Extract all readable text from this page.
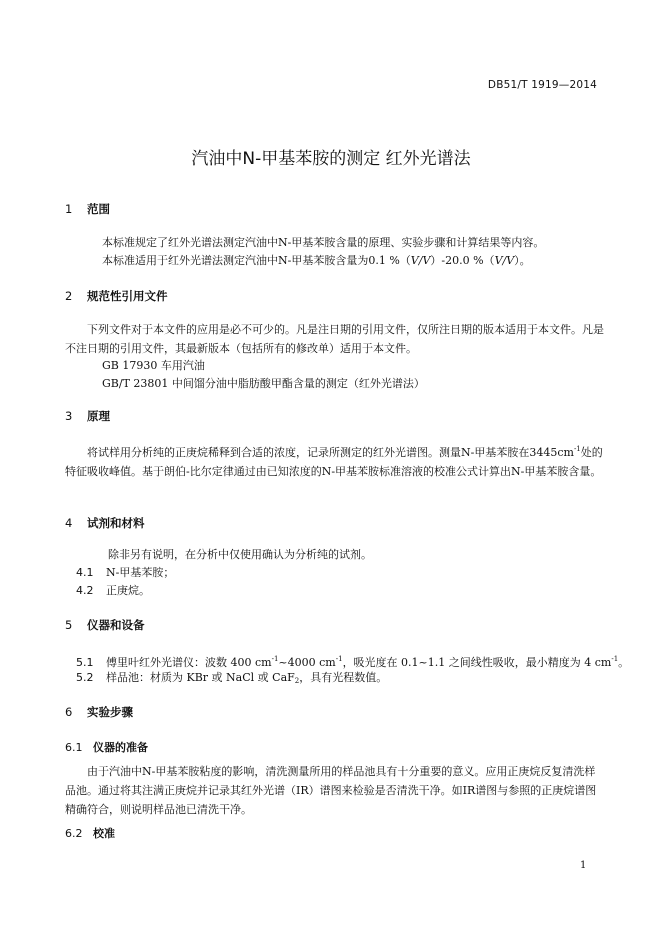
DB51/T 1919—2014
汽油中N-甲基苯胺的测定 红外光谱法
1 范围
本标准规定了红外光谱法测定汽油中N-甲基苯胺含量的原理、实验步骤和计算结果等内容。
本标准适用于红外光谱法测定汽油中N-甲基苯胺含量为0.1 %（V/V）-20.0 %（V/V）。
2 规范性引用文件
下列文件对于本文件的应用是必不可少的。凡是注日期的引用文件，仅所注日期的版本适用于本文件。凡是不注日期的引用文件，其最新版本（包括所有的修改单）适用于本文件。
GB 17930 车用汽油
GB/T 23801 中间馏分油中脂肪酸甲酯含量的测定（红外光谱法）
3 原理
将试样用分析纯的正庚烷稀释到合适的浓度，记录所测定的红外光谱图。测量N-甲基苯胺在$3445cm^{-1}$处的特征吸收峰值。基于朗伯-比尔定律通过由已知浓度的N-甲基苯胺标准溶液的校准公式计算出N-甲基苯胺含量。
4 试剂和材料
除非另有说明，在分析中仅使用确认为分析纯的试剂。
4.1 N-甲基苯胺；
4.2 正庚烷。
5 仪器和设备
5.1 傅里叶红外光谱仪：波数 400 $cm^{-1}\sim 4000$ $cm^{-1}$，吸光度在 0.1~1.1 之间线性吸收，最小精度为 4 $cm^{-1}$。
5.2 样品池：材质为 KBr 或 NaCl 或 CaF$_2$，具有光程数值。
6 实验步骤
6.1 仪器的准备
由于汽油中N-甲基苯胺粘度的影响，清洗测量所用的样品池具有十分重要的意义。应用正庚烷反复清洗样品池。通过将其注满正庚烷并记录其红外光谱（IR）谱图来检验是否清洗干净。如IR谱图与参照的正庚烷谱图精确符合，则说明样品池已清洗干净。
6.2 校准
1
